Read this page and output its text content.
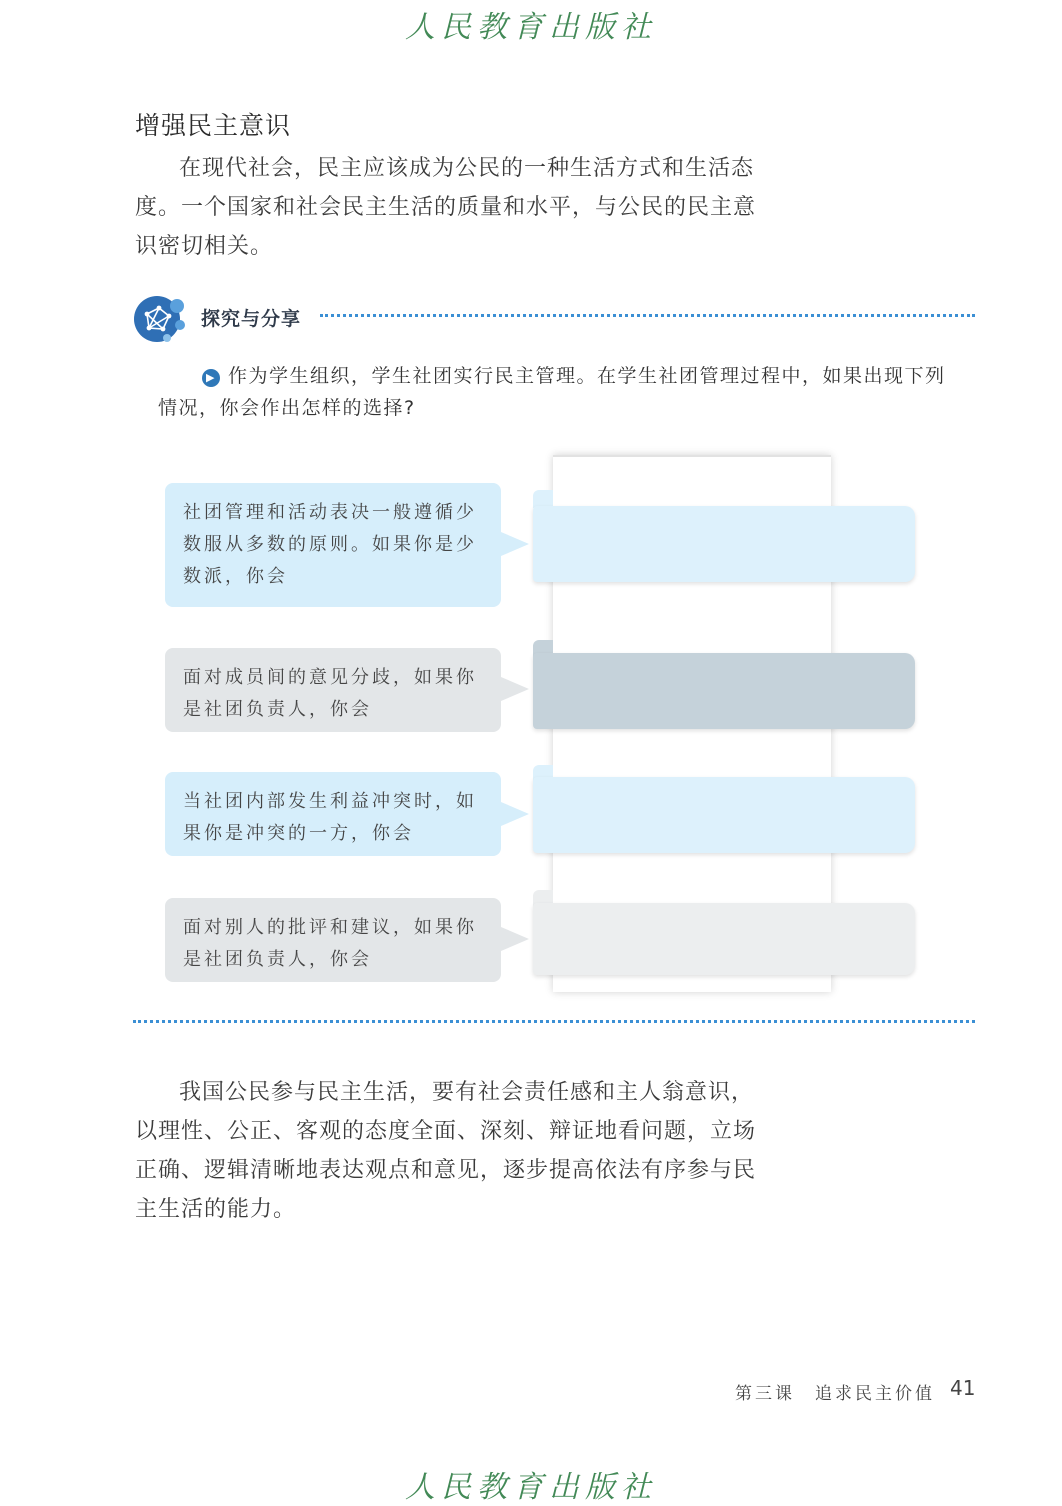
人民教育出版社
增强民主意识

在现代社会，民主应该成为公民的一种生活方式和生活态度。一个国家和社会民主生活的质量和水平，与公民的民主意识密切相关。

探究与分享

▶ 作为学生组织，学生社团实行民主管理。在学生社团管理过程中，如果出现下列情况，你会作出怎样的选择?

社团管理和活动表决一般遵循少数服从多数的原则。如果你是少数派，你会
面对成员间的意见分歧，如果你是社团负责人，你会
当社团内部发生利益冲突时，如果你是冲突的一方，你会
面对别人的批评和建议，如果你是社团负责人，你会

我国公民参与民主生活，要有社会责任感和主人翁意识，以理性、公正、客观的态度全面、深刻、辩证地看问题，立场正确、逻辑清晰地表达观点和意见，逐步提高依法有序参与民主生活的能力。

第三课　追求民主价值 41
人民教育出版社
